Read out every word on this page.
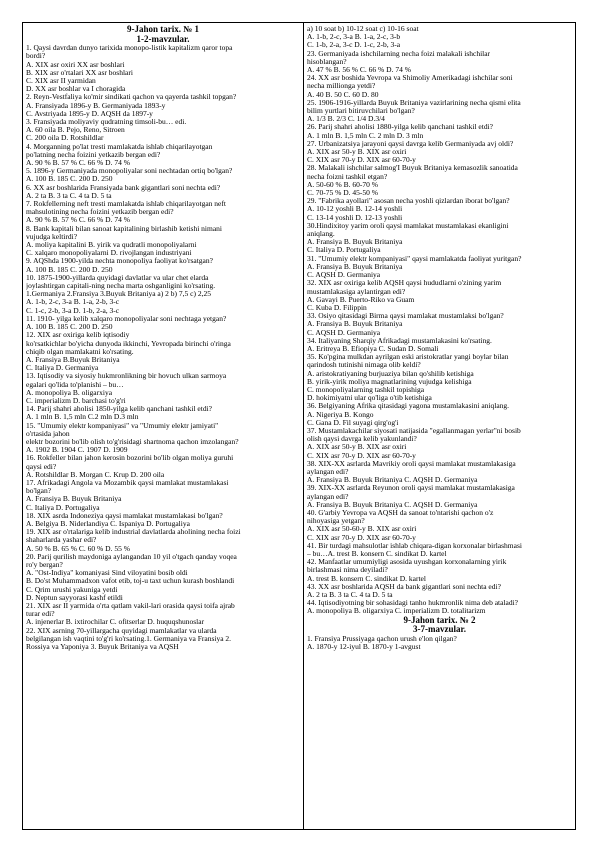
9-Jahon tarix. № 1
1-2-mavzular.
1. Qaysi davrdan dunyo tarixida monopo-listik kapitalizm qaror topa
bordi?
A. XIX asr oxiri XX asr boshlari
B. XIX asr o'rtalari XX asr boshlari
C. XIX asr II yarmidan
D. XX asr boshlar va I choragida
2. Reyn-Vestfaliya ko'mir sindikati qachon va qayerda tashkil topgan?
A. Fransiyada 1896-y B. Germaniyada 1893-y
C. Avstriyada 1895-y D. AQSH da 1897-y
3. Fransiyada moliyaviy qudratning timsoli-bu… edi.
A. 60 oila B. Pejo, Reno, Sitroen
C. 200 oila D. Rotshildlar
4. Morganning po'lat tresti mamlakatda ishlab chiqarilayotgan
po'latning necha foizini yetkazib bergan edi?
A. 90 % B. 57 % C. 66 % D. 74 %
5. 1896-y Germaniyada monopoliyalar soni nechtadan ortiq bo'lgan?
A. 100 B. 185 C. 200 D. 250
6. XX asr boshlarida Fransiyada bank gigantlari soni nechta edi?
A. 2 ta B. 3 ta C. 4 ta D. 5 ta
7. Rokfellerning neft tresti mamlakatda ishlab chiqarilayotgan neft
mahsulotining necha foizini yetkazib bergan edi?
A. 90 % B. 57 % C. 66 % D. 74 %
8. Bank kapitali bilan sanoat kapitalining birlashib ketishi nimani
vujudga keltirdi?
A. moliya kapitalini B. yirik va qudratli monopoliyalarni
C. xalqaro monopoliyalarni D. rivojlangan industriyani
9. AQShda 1900-yilda nechta monopoliya faoliyat ko'rsatgan?
A. 100 B. 185 C. 200 D. 250
10. 1875-1900-yillarda quyidagi davlatlar va ular chet elarda
joylashtirgan capitali-ning necha marta oshganligini ko'rsating.
1.Germaniya 2.Fransiya 3.Buyuk Britaniya a) 2 b) 7,5 c) 2,25
A. 1-b, 2-c, 3-a B. 1-a, 2-b, 3-c
C. 1-c, 2-b, 3-a D. 1-b, 2-a, 3-c
11. 1910- yilga kelib xalqaro monopoliyalar soni nechtaga yetgan?
A. 100 B. 185 C. 200 D. 250
12. XIX asr oxiriga kelib iqtisodiy
ko'rsatkichlar bo'yicha dunyoda ikkinchi, Yevropada birinchi o'ringa
chiqib olgan mamlakatni ko'rsating.
A. Fransiya B.Buyuk Britaniya
C. Italiya D. Germaniya
13. Iqtisodiy va siyosiy hukmronlikning bir hovuch ulkan sarmoya
egalari qo'lida to'planishi – bu…
A. monopoliya B. oligarxiya
C. imperializm D. barchasi to'g'ri
14. Parij shahri aholisi 1850-yilga kelib qanchani tashkil etdi?
A. 1 mln B. 1,5 mln C.2 mln D.3 mln
15. "Umumiy elektr kompaniyasi" va "Umumiy elektr jamiyati"
o'rtasida jahon
elektr bozorini bo'lib olish to'g'risidagi shartnoma qachon imzolangan?
A. 1902 B. 1904 C. 1907 D. 1909
16. Rokfeller bilan jahon kerosin bozorini bo'lib olgan moliya guruhi
qaysi edi?
A. Rotshildlar B. Morgan C. Krup D. 200 oila
17. Afrikadagi Angola va Mozambik qaysi mamlakat mustamlakasi
bo'lgan?
A. Fransiya B. Buyuk Britaniya
C. Italiya D. Portugaliya
18. XIX asrda Indonеziya qaysi mamlakat mustamlakasi bo'lgan?
A. Belgiya B. Niderlandiya C. Ispaniya D. Portugaliya
19. XIX asr o'rtalariga kelib industrial davlatlarda aholining necha foizi
shaharlarda yashar edi?
A. 50 % B. 65 % C. 60 % D. 55 %
20. Parij qurilish maydoniga aylangandan 10 yil o'tgach qanday voqea
ro'y bergan?
A. "Ost-Indiya" komaniyasi Sind viloyatini bosib oldi
B. Do'st Muhammadxon vafot etib, toj-u taxt uchun kurash boshlandi
C. Qrim urushi yakuniga yetdi
D. Neptun sayyorasi kashf etildi
21. XIX asr II yarmida o'rta qatlam vakil-lari orasida qaysi toifa ajrab
turar edi?
A. injenerlar B. ixtirochilar C. ofitserlar D. huquqshunoslar
22. XIX asrning 70-yillargacha quyidagi mamlakatlar va ularda
belgilangan ish vaqtini to'g'ri ko'rsating.1. Germaniya va Fransiya 2.
Rossiya va Yaponiya 3. Buyuk Britaniya va AQSH
a) 10 soat b) 10-12 soat c) 10-16 soat
A. 1-b, 2-c, 3-a B. 1-a, 2-c, 3-b
C. 1-b, 2-a, 3-c D. 1-c, 2-b, 3-a
23. Germaniyada ishchilarning necha foizi malakali ishchilar
hisoblangan?
A. 47 % B. 56 % C. 66 % D. 74 %
24. XX asr boshida Yevropa va Shimoliy Amerikadagi ishchilar soni
necha millionga yetdi?
A. 40 B. 50 C. 60 D. 80
25. 1906-1916-yillarda Buyuk Britaniya vazirlarining necha qismi elita
bilim yurtlari bitiruvchilari bo'lgan?
A. 1/3 B. 2/3 C. 1/4 D.3/4
26. Parij shahri aholisi 1880-yilga kelib qanchani tashkil etdi?
A. 1 mln B. 1,5 mln C. 2 mln D. 3 mln
27. Urbanizatsiya jarayoni qaysi davrga kelib Germaniyada avj oldi?
A. XIX asr 50-y B. XIX asr oxiri
C. XIX asr 70-y D. XIX asr 60-70-y
28. Malakali ishchilar salmog'I Buyuk Britaniya kemasozlik sanoatida
necha foizni tashkil etgan?
A. 50-60 % B. 60-70 %
C. 70-75 % D. 45-50 %
29. "Fabrika ayollari" asosan necha yoshli qizlardan iborat bo'lgan?
A. 10-12 yoshli B. 12-14 yoshli
C. 13-14 yoshli D. 12-13 yoshli
30.Hindixitoy yarim oroli qaysi mamlakat mustamlakasi ekanligini
aniqlang.
A. Fransiya B. Buyuk Britaniya
C. Italiya D. Portugaliya
31. "Umumiy elektr kompaniyasi" qaysi mamlakatda faoliyat yuritgan?
A. Fransiya B. Buyuk Britaniya
C. AQSH D. Germaniya
32. XIX asr oxiriga kelib AQSH qaysi hududlarni o'zining yarim
mustamlakasiga aylantirgan edi?
A. Gavayi B. Puerto-Riko va Guam
C. Kuba D. Filippin
33. Osiyo qitasidagi Birma qaysi mamlakat mustamlaksi bo'lgan?
A. Fransiya B. Buyuk Britaniya
C. AQSH D. Germaniya
34. Italiyaning Sharqiy Afrikadagi mustamlakasini ko'rsating.
A. Eritreya B. Efiopiya C. Sudan D. Somali
35. Ko'pgina mulkdan ayrilgan eski aristokratlar yangi boylar bilan
qarindosh tutinishi nimaga olib keldi?
A. aristokratiyaning burjuaziya bilan qo'shilib ketishiga
B. yirik-yirik moliya magnatlarining vujudga kelishiga
C. monopoliyalarning tashkil topishiga
D. hokimiyatni ular qo'liga o'tib ketishiga
36. Belgiyaning Afrika qitasidagi yagona mustamlakasini aniqlang.
A. Nigeriya B. Kongo
C. Gana D. Fil suyagi qirg'og'i
37. Mustamlakachilar siyosati natijasida "egallanmagan yerlar"ni bosib
olish qaysi davrga kelib yakunlandi?
A. XIX asr 50-y B. XIX asr oxiri
C. XIX asr 70-y D. XIX asr 60-70-y
38. XIX-XX asrlarda Mavrikiy oroli qaysi mamlakat mustamlakasiga
aylangan edi?
A. Fransiya B. Buyuk Britaniya C. AQSH D. Germaniya
39. XIX-XX asrlarda Reyunon oroli qaysi mamlakat mustamlakasiga
aylangan edi?
A. Fransiya B. Buyuk Britaniya C. AQSH D. Germaniya
40. G'arbiy Yevropa va AQSH da sanoat to'ntarishi qachon o'z
nihoyasiga yetgan?
A. XIX asr 50-60-y B. XIX asr oxiri
C. XIX asr 70-y D. XIX asr 60-70-y
41. Bir turdagi mahsulotlar ishlab chiqara-digan korxonalar birlashmasi
– bu…A. trest B. konsern C. sindikat D. kartel
42. Manfaatlar umumiyligi asosida uyushgan korxonalarning yirik
birlashmasi nima deyiladi?
A. trest B. konsern C. sindikat D. kartel
43. XX asr boshlarida AQSH da bank gigantlari soni nechta edi?
A. 2 ta B. 3 ta C. 4 ta D. 5 ta
44. Iqtisodiyotning bir sohasidagi tanho hukmronlik nima deb ataladi?
A. monopoliya B. oligarxiya C. imperializm D. totalitarizm
9-Jahon tarix. № 2
3-7-mavzular.
1. Fransiya Prussiyaga qachon urush e'lon qilgan?
A. 1870-y 12-iyul B. 1870-y 1-avgust
